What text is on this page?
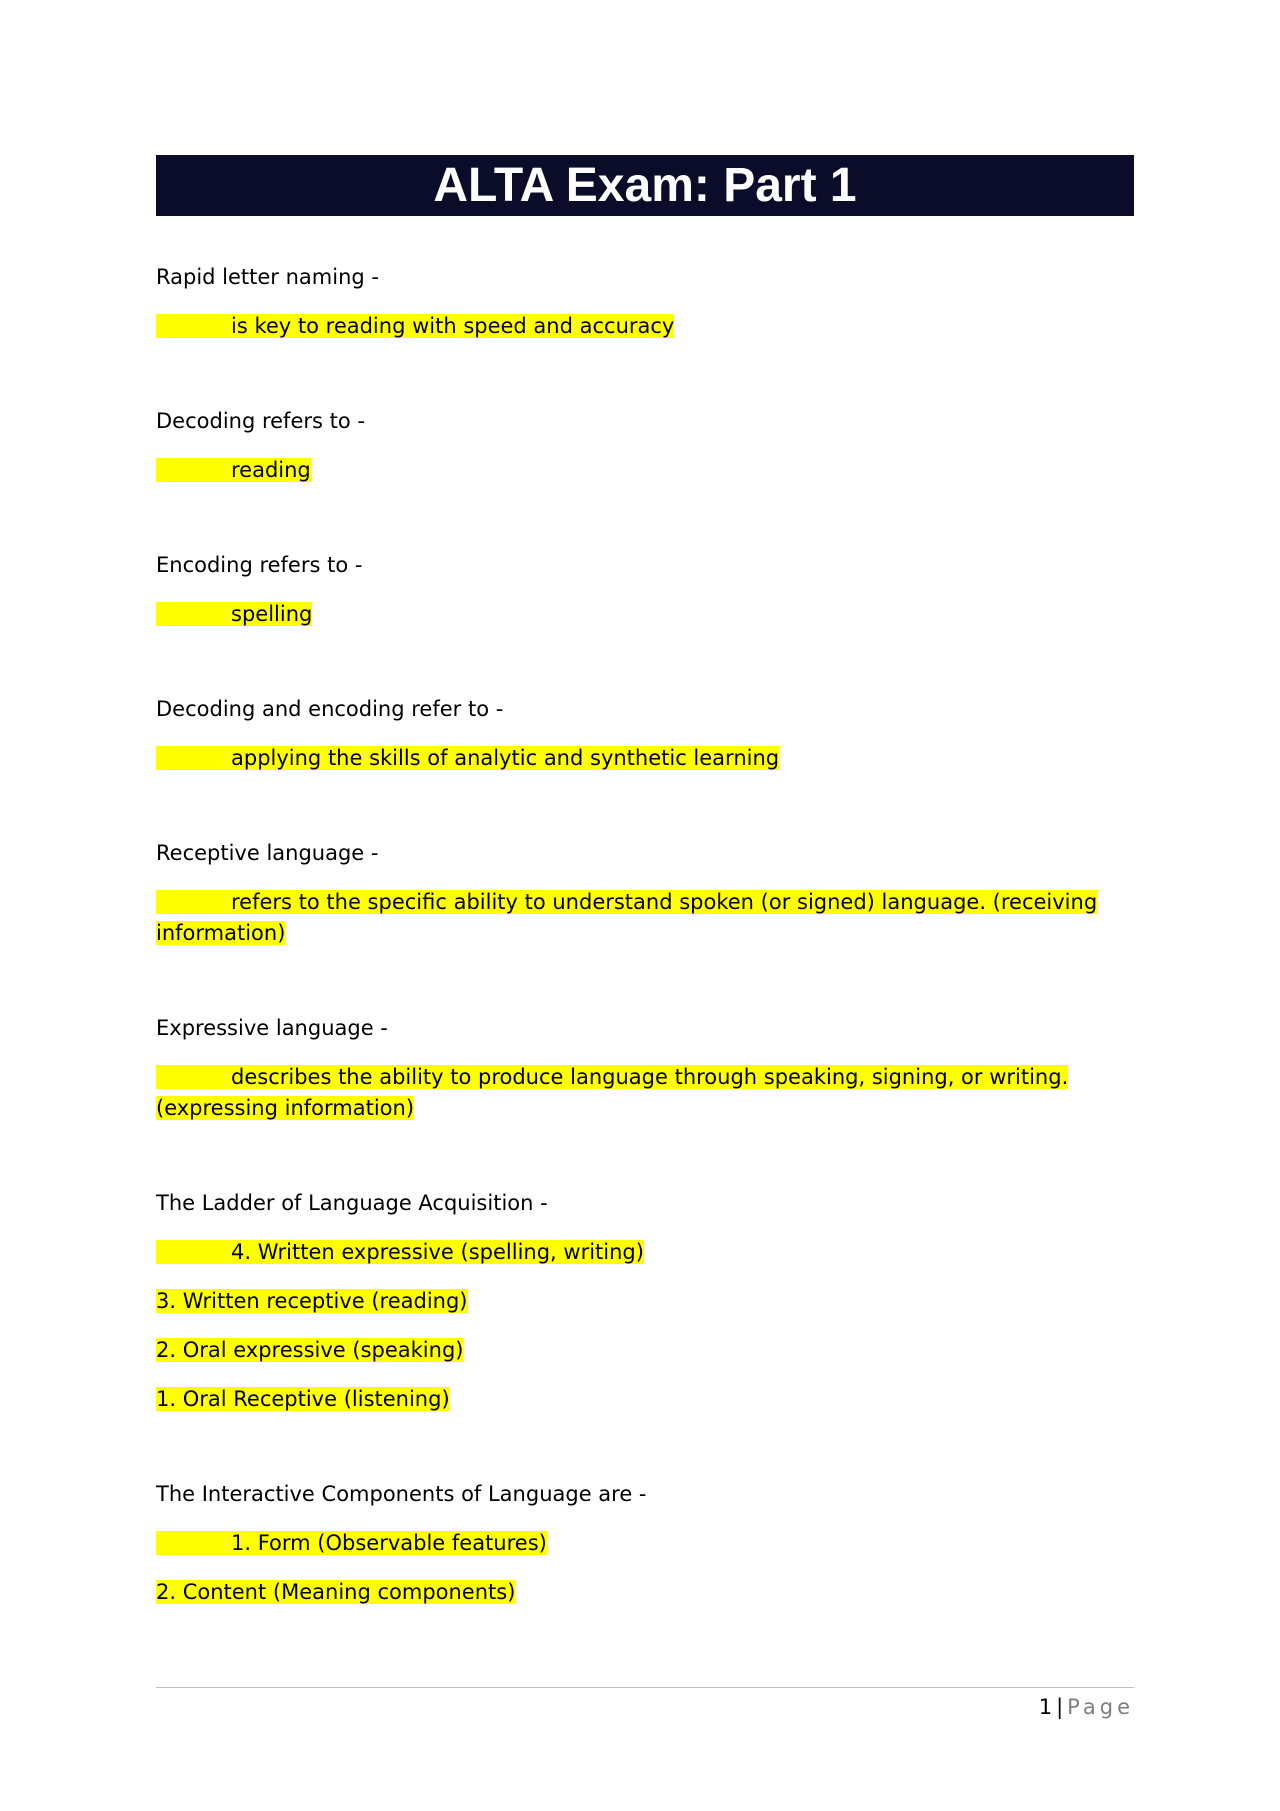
ALTA Exam: Part 1

Rapid letter naming -

is key to reading with speed and accuracy

Decoding refers to -

reading

Encoding refers to -

spelling

Decoding and encoding refer to -

applying the skills of analytic and synthetic learning

Receptive language -

refers to the specific ability to understand spoken (or signed) language. (receiving information)

Expressive language -

describes the ability to produce language through speaking, signing, or writing. (expressing information)

The Ladder of Language Acquisition -

4. Written expressive (spelling, writing)

3. Written receptive (reading)

2. Oral expressive (speaking)

1. Oral Receptive (listening)

The Interactive Components of Language are -

1. Form (Observable features)

2. Content (Meaning components)

1 | Page
